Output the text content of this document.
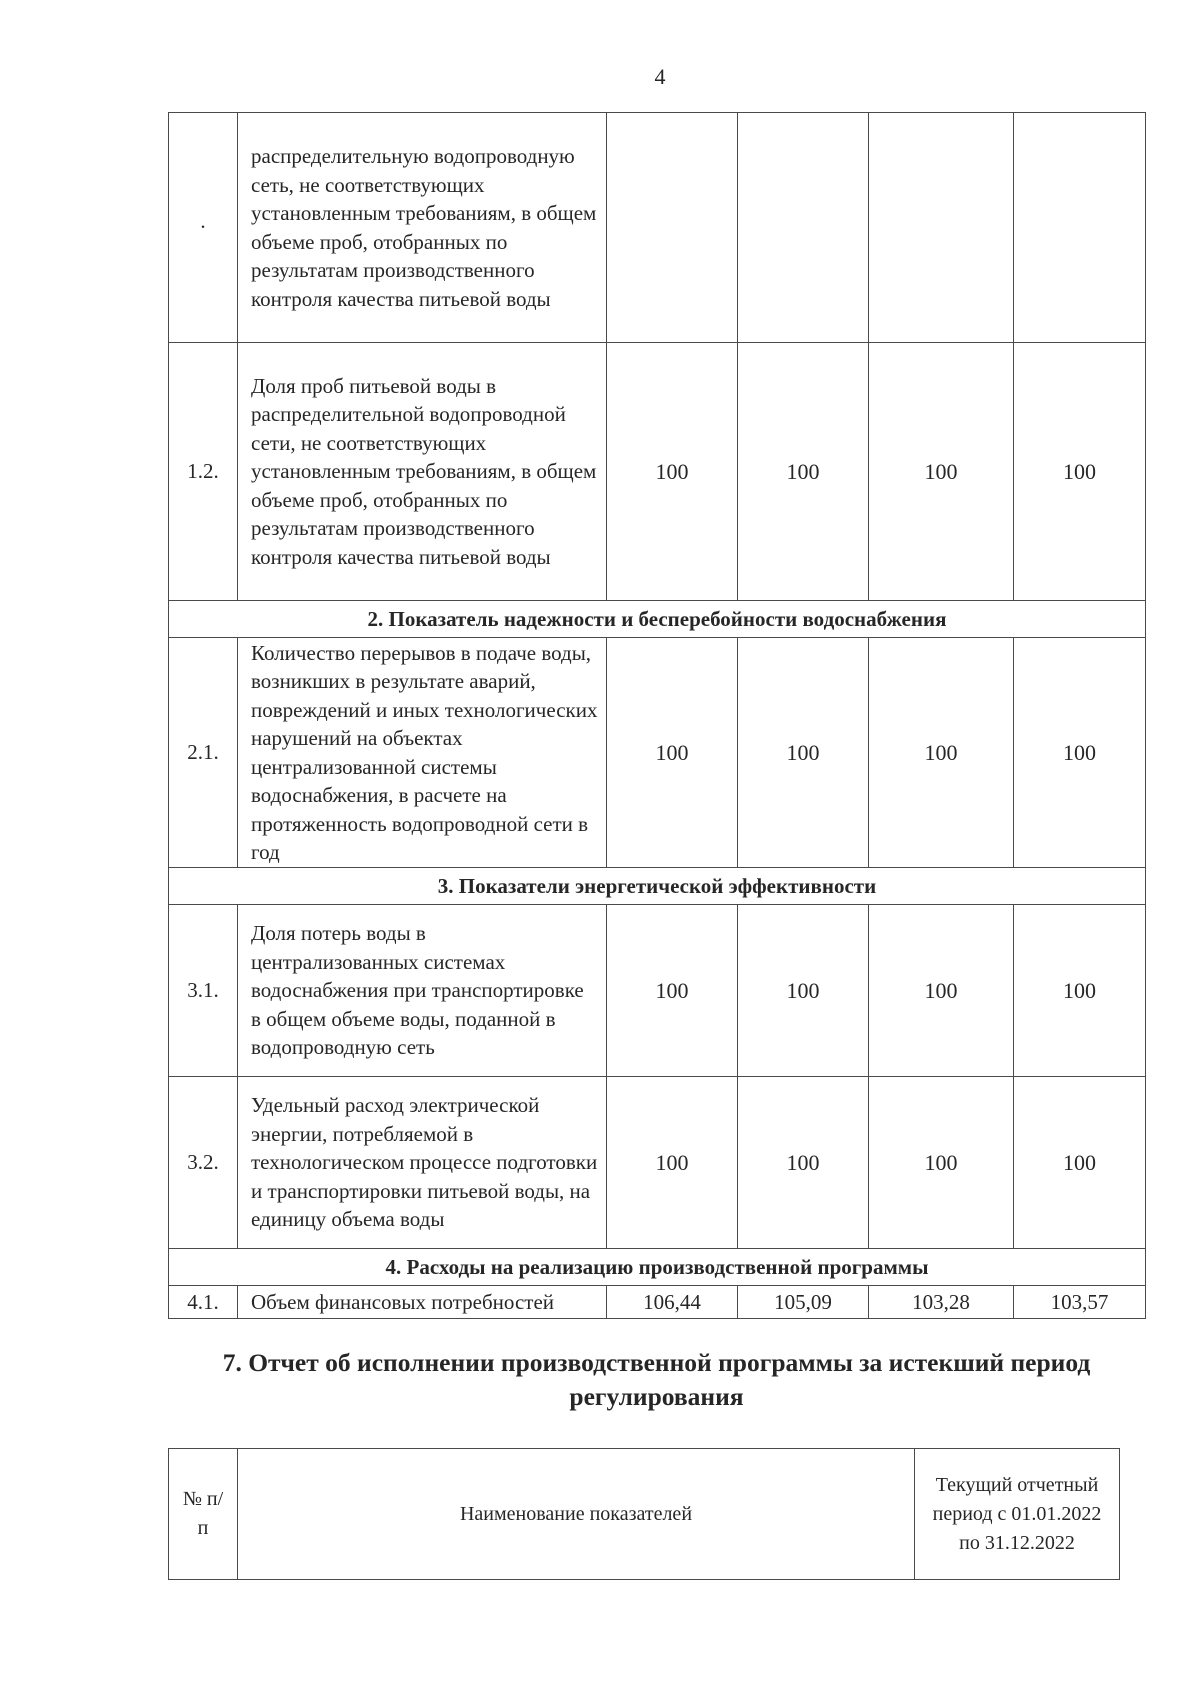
4
·	распределительную водопроводную сеть, не соответствующих установленным требованиям, в общем объеме проб, отобранных по результатам производственного контроля качества питьевой воды				
1.2.	Доля проб питьевой воды в распределительной водопроводной сети, не соответствующих установленным требованиям, в общем объеме проб, отобранных по результатам производственного контроля качества питьевой воды	100	100	100	100
2. Показатель надежности и бесперебойности водоснабжения					
2.1.	Количество перерывов в подаче воды, возникших в результате аварий, повреждений и иных технологических нарушений на объектах централизованной системы водоснабжения, в расчете на протяженность водопроводной сети в год	100	100	100	100
3. Показатели энергетической эффективности					
3.1.	Доля потерь воды в централизованных системах водоснабжения при транспортировке в общем объеме воды, поданной в водопроводную сеть	100	100	100	100
3.2.	Удельный расход электрической энергии, потребляемой в технологическом процессе подготовки и транспортировки питьевой воды, на единицу объема воды	100	100	100	100
4. Расходы на реализацию производственной программы					
4.1.	Объем финансовых потребностей	106,44	105,09	103,28	103,57
7. Отчет об исполнении производственной программы за истекший период регулирования
№ п/п	Наименование показателей	Текущий отчетный период с 01.01.2022 по 31.12.2022
